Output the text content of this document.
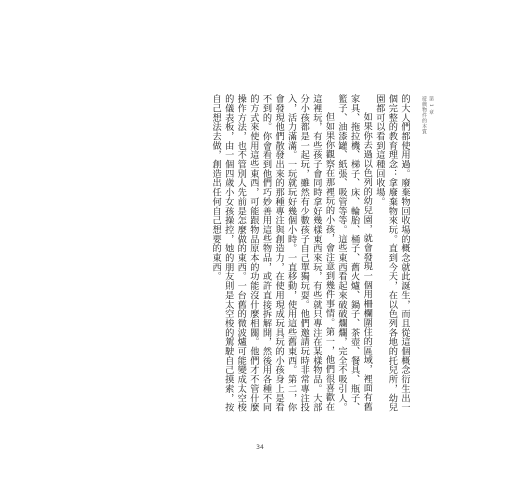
第 1 章
遊戲物件的本質

的大人們都使用過。廢棄物回收場的概念就此誕生，而且從這個概念衍生出一個完整的教育理念：拿廢棄物來玩。直到今天，在以色列各地的托兒所，幼兒園都可以看到這種回收場。

如果你去過以色列的幼兒園，就會發現一個用柵欄圍住的區域，裡面有舊家具、拖拉機、梯子、床、輪胎、桶子、舊火爐、鍋子、茶壺、餐具、瓶子、籃子、油漆罐、紙張、吸管等等。這些東西看起來破破爛爛，完全不吸引人。

但如果你觀察在那裡玩的小孩，會注意到幾件事情。第一，他們很喜歡在這裡玩，有些孩子會同時拿好幾樣東西來玩，有些就只專注在某樣物品。大部分小孩都是一起玩，雖然有少數孩子自己單獨玩耍。他們邀請玩時非常專注投入，活力滿滿。一玩就玩好幾個小時。一直移動，使用這些舊東西。第二，你會發現他們散發出來的那種專注與創造力，在使用現成玩具玩的小孩身上是看不到的。你會看到他們巧妙善用這些物品，或許直接拆解開，然後用各種不同的方式來使用這些東西，可能跟物品原本的功能沒什麼相關。他們才不管什麼操作方法，也不管別人先前是怎麼做的東西。一台舊的微波爐可能變成太空梭的儀表板，由一個四歲小女孩操控，她的朋友則是太空梭的駕駛自己摸索，按自己想法去做，創造出任何自己想要的東西。

34
